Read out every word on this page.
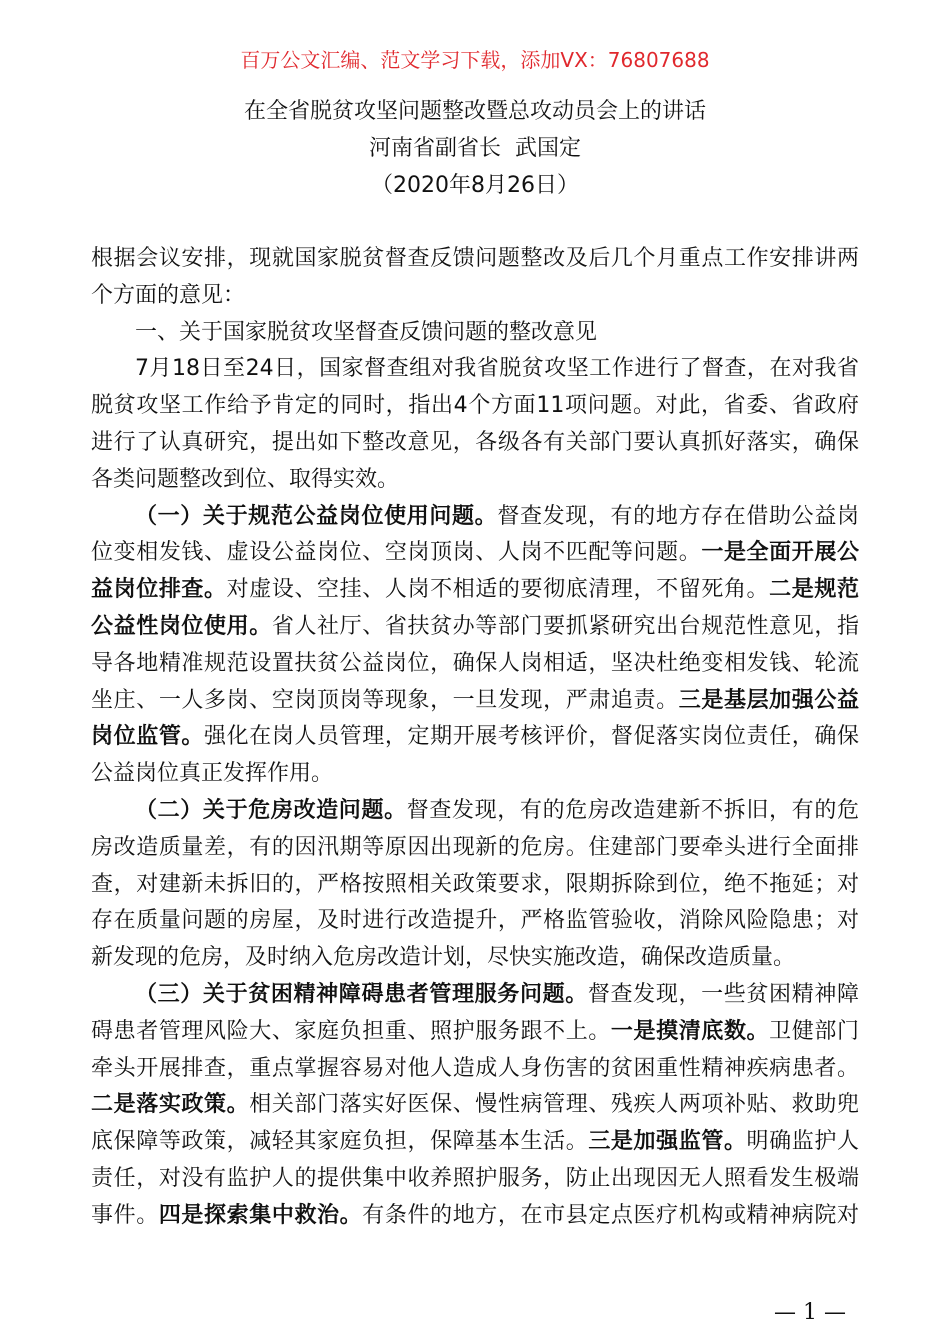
百万公文汇编、范文学习下载，添加VX：76807688
在全省脱贫攻坚问题整改暨总攻动员会上的讲话
河南省副省长  武国定
（2020年8月26日）
根据会议安排，现就国家脱贫督查反馈问题整改及后几个月重点工作安排讲两
个方面的意见：
一、关于国家脱贫攻坚督查反馈问题的整改意见
7月18日至24日，国家督查组对我省脱贫攻坚工作进行了督查，在对我省
脱贫攻坚工作给予肯定的同时，指出4个方面11项问题。对此，省委、省政府
进行了认真研究，提出如下整改意见，各级各有关部门要认真抓好落实，确保
各类问题整改到位、取得实效。
（一）关于规范公益岗位使用问题。督查发现，有的地方存在借助公益岗
位变相发钱、虚设公益岗位、空岗顶岗、人岗不匹配等问题。一是全面开展公
益岗位排查。对虚设、空挂、人岗不相适的要彻底清理，不留死角。二是规范
公益性岗位使用。省人社厅、省扶贫办等部门要抓紧研究出台规范性意见，指
导各地精准规范设置扶贫公益岗位，确保人岗相适，坚决杜绝变相发钱、轮流
坐庄、一人多岗、空岗顶岗等现象，一旦发现，严肃追责。三是基层加强公益
岗位监管。强化在岗人员管理，定期开展考核评价，督促落实岗位责任，确保
公益岗位真正发挥作用。
（二）关于危房改造问题。督查发现，有的危房改造建新不拆旧，有的危
房改造质量差，有的因汛期等原因出现新的危房。住建部门要牵头进行全面排
查，对建新未拆旧的，严格按照相关政策要求，限期拆除到位，绝不拖延；对
存在质量问题的房屋，及时进行改造提升，严格监管验收，消除风险隐患；对
新发现的危房，及时纳入危房改造计划，尽快实施改造，确保改造质量。
（三）关于贫困精神障碍患者管理服务问题。督查发现，一些贫困精神障
碍患者管理风险大、家庭负担重、照护服务跟不上。一是摸清底数。卫健部门
牵头开展排查，重点掌握容易对他人造成人身伤害的贫困重性精神疾病患者。
二是落实政策。相关部门落实好医保、慢性病管理、残疾人两项补贴、救助兜
底保障等政策，减轻其家庭负担，保障基本生活。三是加强监管。明确监护人
责任，对没有监护人的提供集中收养照护服务，防止出现因无人照看发生极端
事件。四是探索集中救治。有条件的地方，在市县定点医疗机构或精神病院对
— 1 —
